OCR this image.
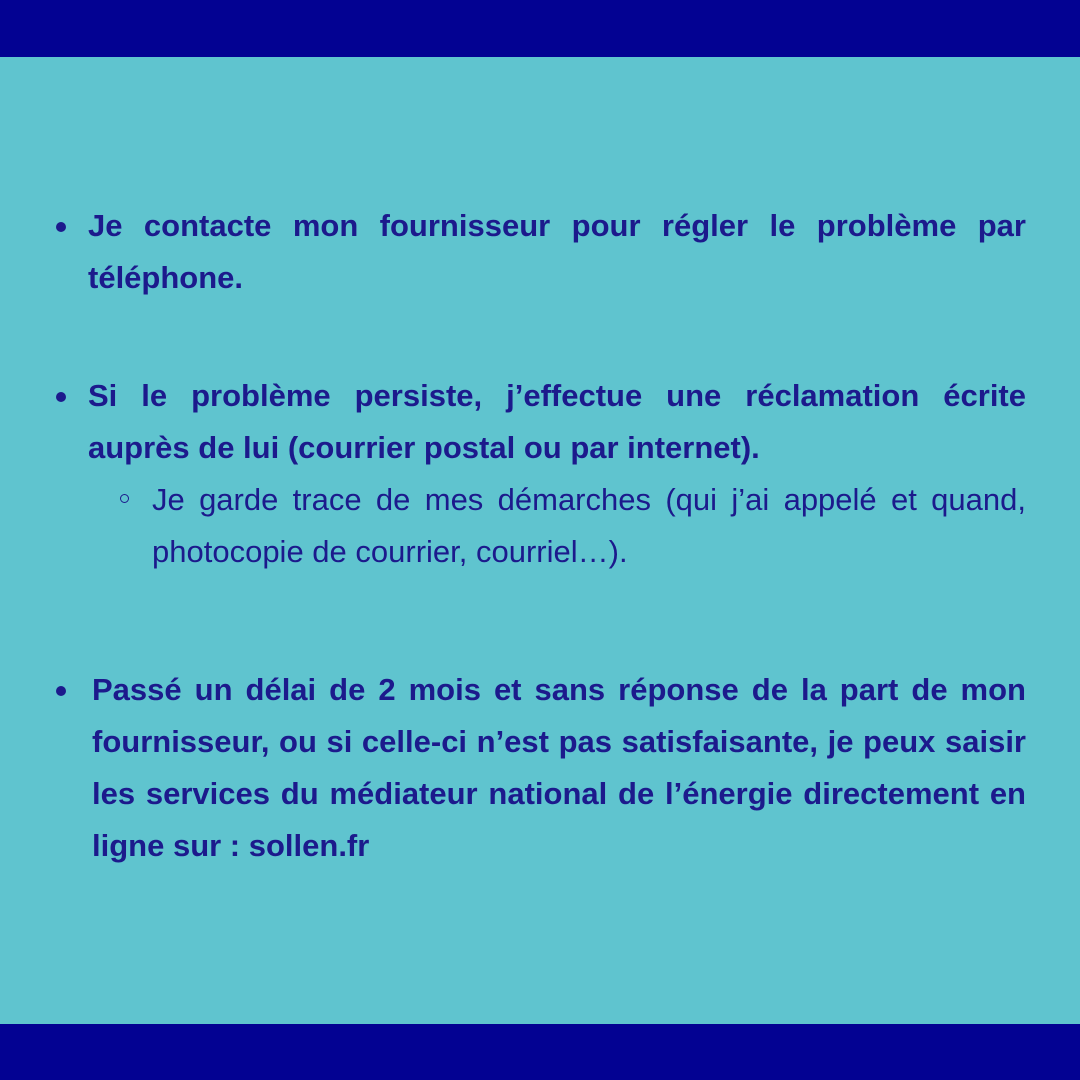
Je contacte mon fournisseur pour régler le problème par téléphone.
Si le problème persiste, j’effectue une réclamation écrite auprès de lui (courrier postal ou par internet).
Je garde trace de mes démarches (qui j’ai appelé et quand, photocopie de courrier, courriel…).
Passé un délai de 2 mois et sans réponse de la part de mon fournisseur, ou si celle-ci n’est pas satisfaisante, je peux saisir les services du médiateur national de l’énergie directement en ligne sur : sollen.fr
